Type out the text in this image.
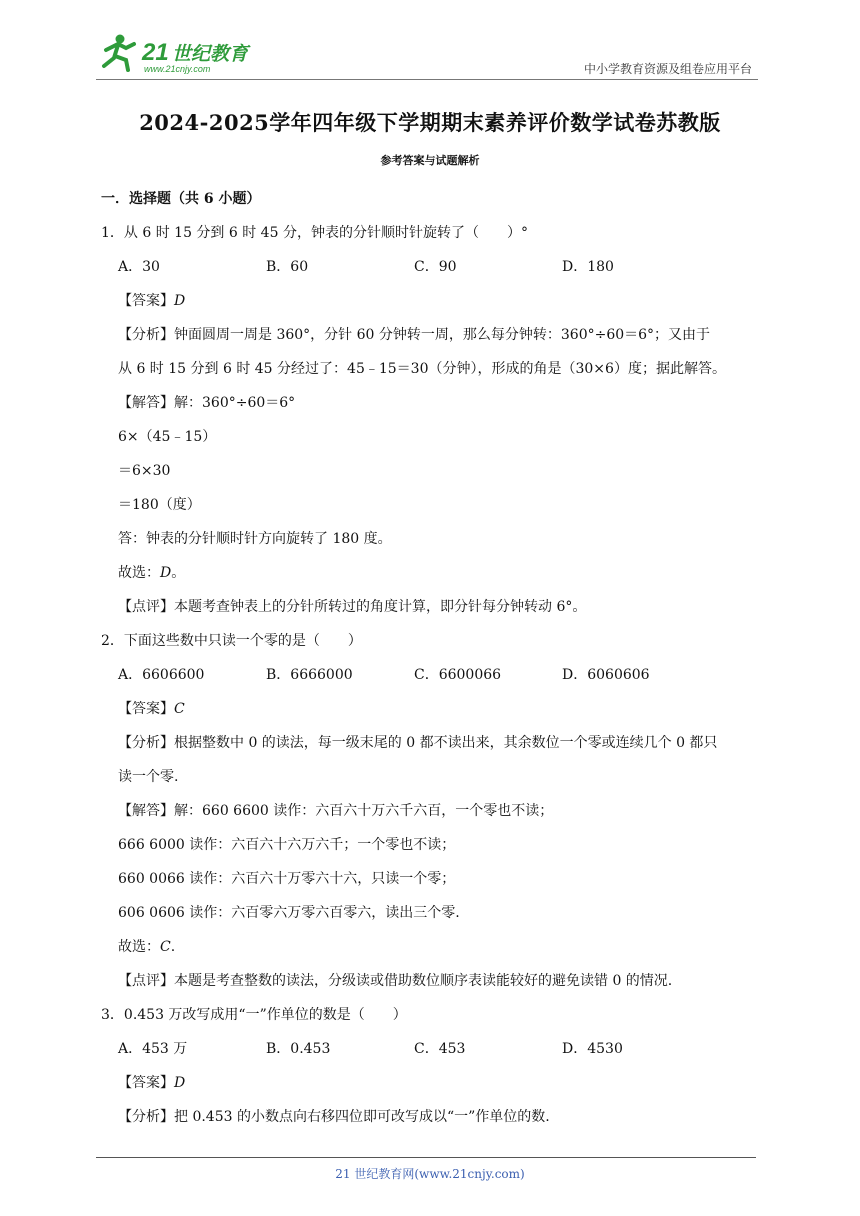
21 世纪教育
www.21cnjy.com	中小学教育资源及组卷应用平台
2024-2025学年四年级下学期期末素养评价数学试卷苏教版
参考答案与试题解析
一．选择题（共 6 小题）
1．从 6 时 15 分到 6 时 45 分，钟表的分针顺时针旋转了（　　）°
A．30	B．60	C．90	D．180
【答案】D
【分析】钟面圆周一周是 360°，分针 60 分钟转一周，那么每分钟转：360°÷60＝6°；又由于
从 6 时 15 分到 6 时 45 分经过了：45﹣15＝30（分钟），形成的角是（30×6）度；据此解答。
【解答】解：360°÷60＝6°
6×（45﹣15）
＝6×30
＝180（度）
答：钟表的分针顺时针方向旋转了 180 度。
故选：D。
【点评】本题考查钟表上的分针所转过的角度计算，即分针每分钟转动 6°。
2．下面这些数中只读一个零的是（　　）
A．6606600	B．6666000	C．6600066	D．6060606
【答案】C
【分析】根据整数中 0 的读法，每一级末尾的 0 都不读出来，其余数位一个零或连续几个 0 都只
读一个零.
【解答】解：660 6600 读作：六百六十万六千六百，一个零也不读；
666 6000 读作：六百六十六万六千；一个零也不读；
660 0066 读作：六百六十万零六十六，只读一个零；
606 0606 读作：六百零六万零六百零六，读出三个零.
故选：C.
【点评】本题是考查整数的读法，分级读或借助数位顺序表读能较好的避免读错 0 的情况.
3．0.453 万改写成用“一”作单位的数是（　　）
A．453 万	B．0.453	C．453	D．4530
【答案】D
【分析】把 0.453 的小数点向右移四位即可改写成以“一”作单位的数.
21 世纪教育网(www.21cnjy.com)
